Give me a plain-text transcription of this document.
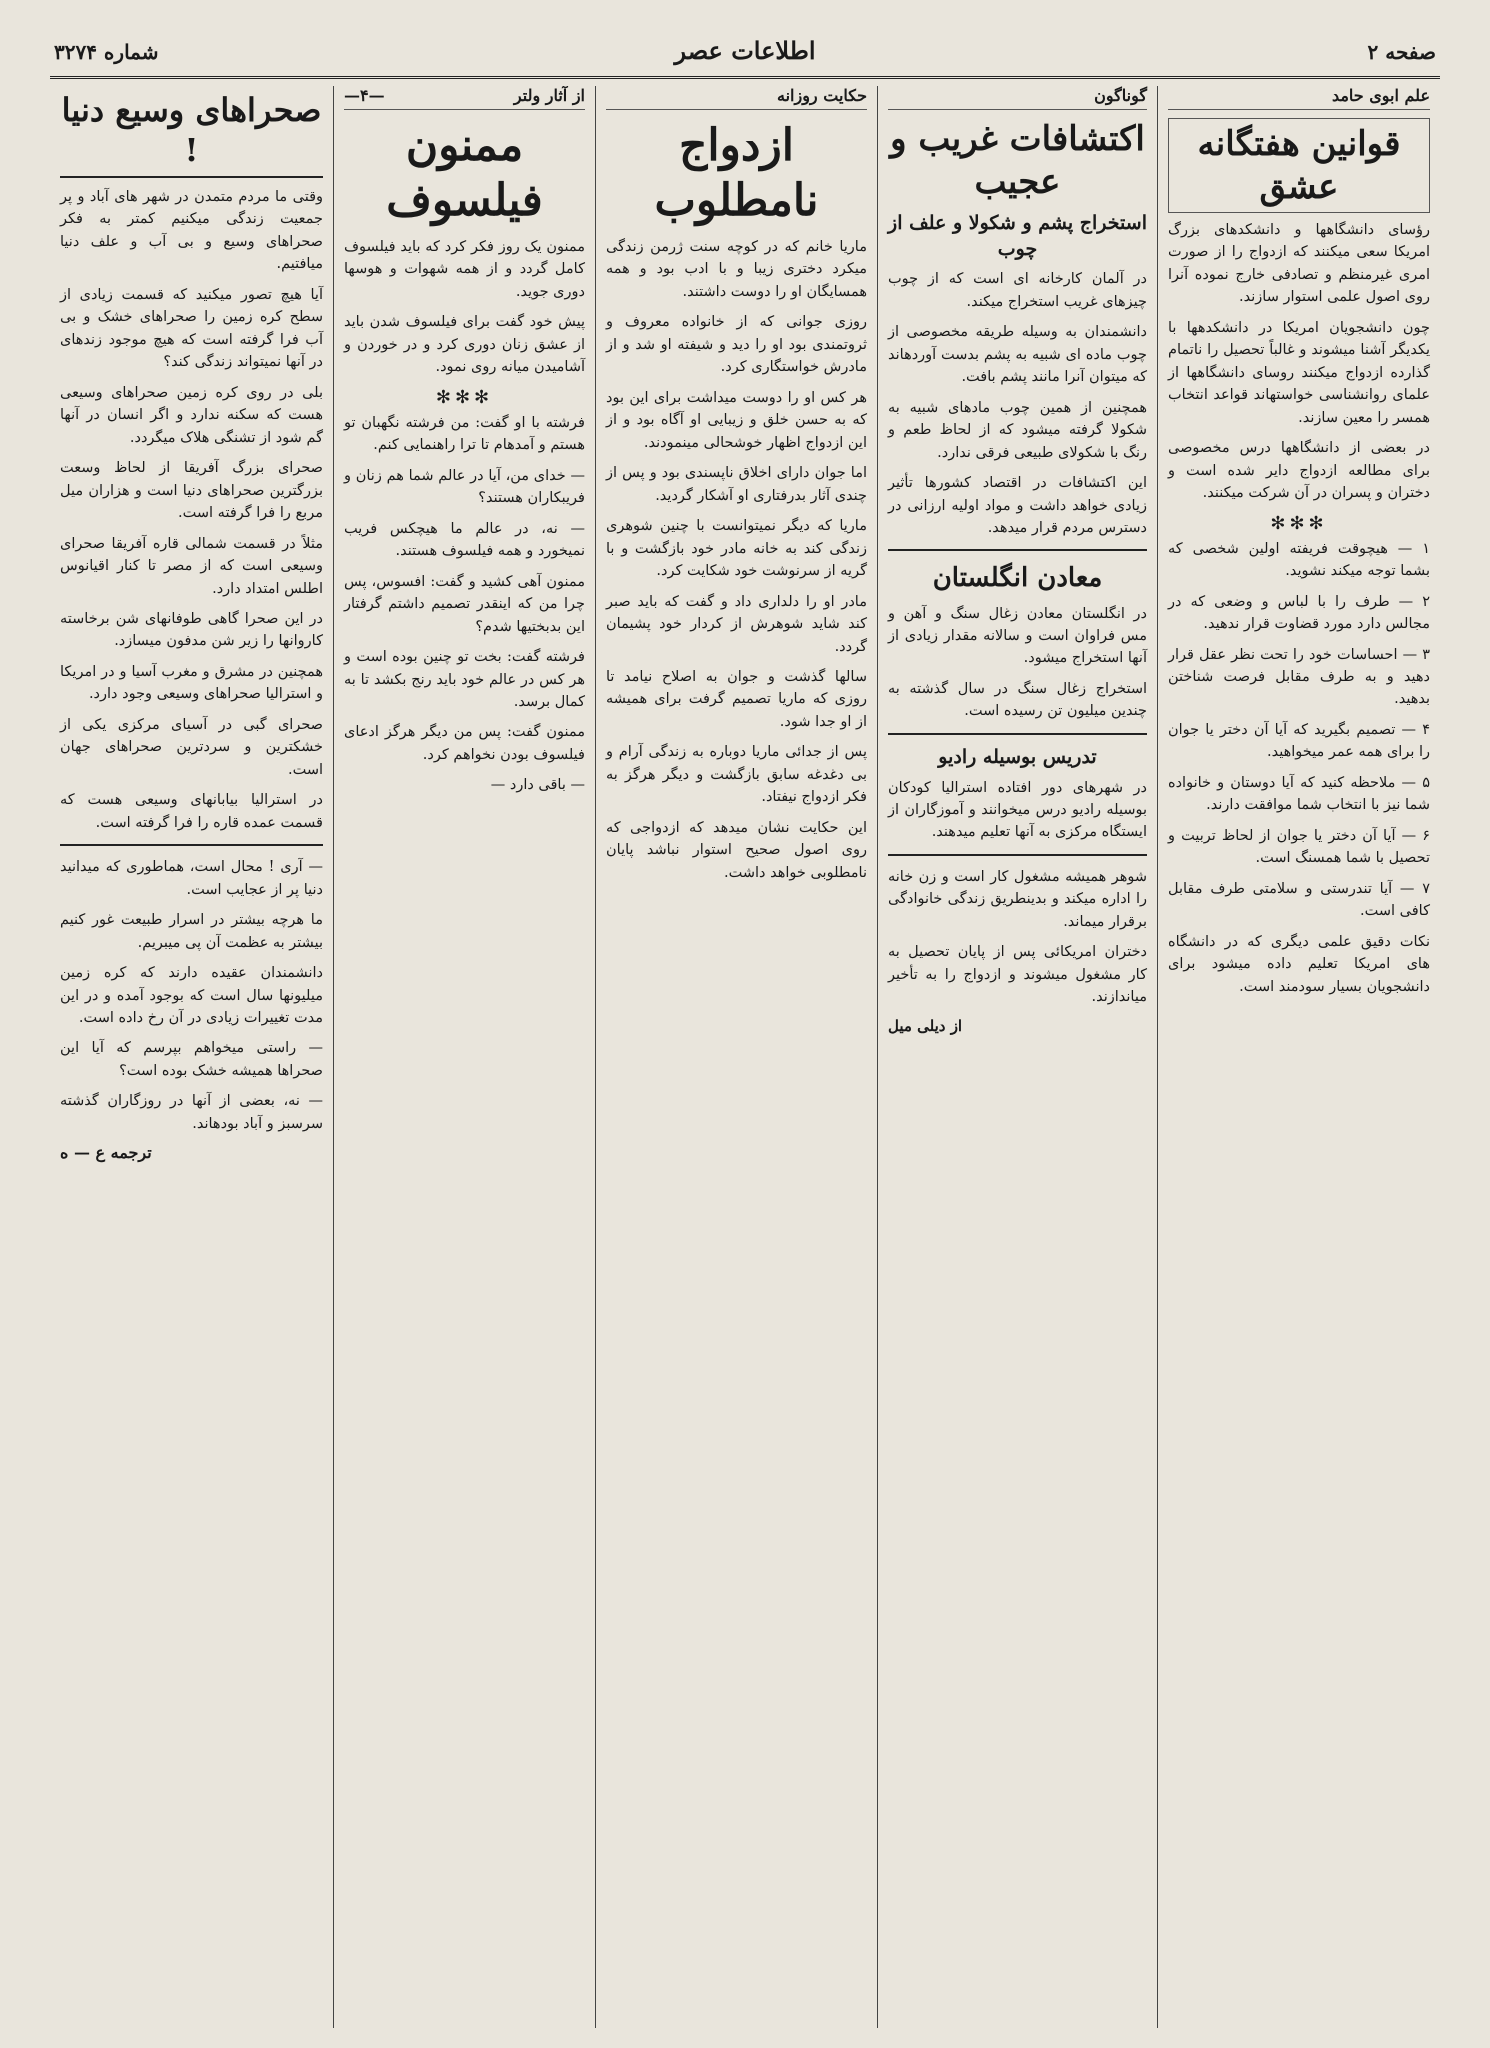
صفحه ۲
اطلاعات عصر
شماره ۳۲۷۴
علم ابوی حامد
قوانین هفتگانه عشق

رؤسای دانشگاهها و دانشکدهای بزرگ امریکا سعی میکنند که ازدواج را از صورت امری غیرمنظم و تصادفی خارج نموده آنرا روی اصول علمی استوار سازند.

چون دانشجویان امریکا در دانشکدهها با یکدیگر آشنا میشوند و غالباً تحصیل را ناتمام گذارده ازدواج میکنند روسای دانشگاهها از علمای روانشناسی خواستهاند قواعد انتخاب همسر را معین سازند.

در بعضی از دانشگاهها درس مخصوصی برای مطالعه ازدواج دایر شده است و دختران و پسران در آن شرکت میکنند.

✻✻✻

۱ — هیچوقت فریفته اولین شخصی که بشما توجه میکند نشوید.

۲ — طرف را با لباس و وضعی که در مجالس دارد مورد قضاوت قرار ندهید.

۳ — احساسات خود را تحت نظر عقل قرار دهید و به طرف مقابل فرصت شناختن بدهید.

۴ — تصمیم بگیرید که آیا آن دختر یا جوان را برای همه عمر میخواهید.

۵ — ملاحظه کنید که آیا دوستان و خانواده شما نیز با انتخاب شما موافقت دارند.

۶ — آیا آن دختر یا جوان از لحاظ تربیت و تحصیل با شما همسنگ است.

۷ — آیا تندرستی و سلامتی طرف مقابل کافی است.

نکات دقیق علمی دیگری که در دانشگاه های امریکا تعلیم داده میشود برای دانشجویان بسیار سودمند است.

گوناگون
اکتشافات غریب و عجیب
استخراج پشم و شکولا و علف از چوب

در آلمان کارخانه ای است که از چوب چیزهای غریب استخراج میکند.

دانشمندان به وسیله طریقه مخصوصی از چوب ماده ای شبیه به پشم بدست آوردهاند که میتوان آنرا مانند پشم بافت.

همچنین از همین چوب مادهای شبیه به شکولا گرفته میشود که از لحاظ طعم و رنگ با شکولای طبیعی فرقی ندارد.

این اکتشافات در اقتصاد کشورها تأثیر زیادی خواهد داشت و مواد اولیه ارزانی در دسترس مردم قرار میدهد.

معادن انگلستان

در انگلستان معادن زغال سنگ و آهن و مس فراوان است و سالانه مقدار زیادی از آنها استخراج میشود.

استخراج زغال سنگ در سال گذشته به چندین میلیون تن رسیده است.

تدریس بوسیله رادیو

در شهرهای دور افتاده استرالیا کودکان بوسیله رادیو درس میخوانند و آموزگاران از ایستگاه مرکزی به آنها تعلیم میدهند.

شوهر همیشه مشغول کار است و زن خانه را اداره میکند و بدینطریق زندگی خانوادگی برقرار میماند.

دختران امریکائی پس از پایان تحصیل به کار مشغول میشوند و ازدواج را به تأخیر میاندازند.

از دیلی میل
حکایت روزانه
ازدواج نامطلوب

ماریا خانم که در کوچه سنت ژرمن زندگی میکرد دختری زیبا و با ادب بود و همه همسایگان او را دوست داشتند.

روزی جوانی که از خانواده معروف و ثروتمندی بود او را دید و شیفته او شد و از مادرش خواستگاری کرد.

هر کس او را دوست میداشت برای این بود که به حسن خلق و زیبایی او آگاه بود و از این ازدواج اظهار خوشحالی مینمودند.

اما جوان دارای اخلاق ناپسندی بود و پس از چندی آثار بدرفتاری او آشکار گردید.

ماریا که دیگر نمیتوانست با چنین شوهری زندگی کند به خانه مادر خود بازگشت و با گریه از سرنوشت خود شکایت کرد.

مادر او را دلداری داد و گفت که باید صبر کند شاید شوهرش از کردار خود پشیمان گردد.

سالها گذشت و جوان به اصلاح نیامد تا روزی که ماریا تصمیم گرفت برای همیشه از او جدا شود.

پس از جدائی ماریا دوباره به زندگی آرام و بی دغدغه سابق بازگشت و دیگر هرگز به فکر ازدواج نیفتاد.

این حکایت نشان میدهد که ازدواجی که روی اصول صحیح استوار نباشد پایان نامطلوبی خواهد داشت.

از آثار ولتر
—۴—
ممنون فیلسوف

ممنون یک روز فکر کرد که باید فیلسوف کامل گردد و از همه شهوات و هوسها دوری جوید.

پیش خود گفت برای فیلسوف شدن باید از عشق زنان دوری کرد و در خوردن و آشامیدن میانه روی نمود.

✻✻✻

فرشته با او گفت: من فرشته نگهبان تو هستم و آمدهام تا ترا راهنمایی کنم.

— خدای من، آیا در عالم شما هم زنان و فریبکاران هستند؟

— نه، در عالم ما هیچکس فریب نمیخورد و همه فیلسوف هستند.

ممنون آهی کشید و گفت: افسوس، پس چرا من که اینقدر تصمیم داشتم گرفتار این بدبختیها شدم؟

فرشته گفت: بخت تو چنین بوده است و هر کس در عالم خود باید رنج بکشد تا به کمال برسد.

ممنون گفت: پس من دیگر هرگز ادعای فیلسوف بودن نخواهم کرد.

— باقی دارد —

صحراهای وسیع دنیا !

وقتی ما مردم متمدن در شهر های آباد و پر جمعیت زندگی میکنیم کمتر به فکر صحراهای وسیع و بی آب و علف دنیا میافتیم.

آیا هیچ تصور میکنید که قسمت زیادی از سطح کره زمین را صحراهای خشک و بی آب فرا گرفته است که هیچ موجود زندهای در آنها نمیتواند زندگی کند؟

بلی در روی کره زمین صحراهای وسیعی هست که سکنه ندارد و اگر انسان در آنها گم شود از تشنگی هلاک میگردد.

صحرای بزرگ آفریقا از لحاظ وسعت بزرگترین صحراهای دنیا است و هزاران میل مربع را فرا گرفته است.

مثلاً در قسمت شمالی قاره آفریقا صحرای وسیعی است که از مصر تا کنار اقیانوس اطلس امتداد دارد.

در این صحرا گاهی طوفانهای شن برخاسته کاروانها را زیر شن مدفون میسازد.

همچنین در مشرق و مغرب آسیا و در امریکا و استرالیا صحراهای وسیعی وجود دارد.

صحرای گبی در آسیای مرکزی یکی از خشکترین و سردترین صحراهای جهان است.

در استرالیا بیابانهای وسیعی هست که قسمت عمده قاره را فرا گرفته است.

— آری ! محال است، هماطوری که میدانید دنیا پر از عجایب است.

ما هرچه بیشتر در اسرار طبیعت غور کنیم بیشتر به عظمت آن پی میبریم.

دانشمندان عقیده دارند که کره زمین میلیونها سال است که بوجود آمده و در این مدت تغییرات زیادی در آن رخ داده است.

— راستی میخواهم بپرسم که آیا این صحراها همیشه خشک بوده است؟

— نه، بعضی از آنها در روزگاران گذشته سرسبز و آباد بودهاند.

ترجمه ع — ه
